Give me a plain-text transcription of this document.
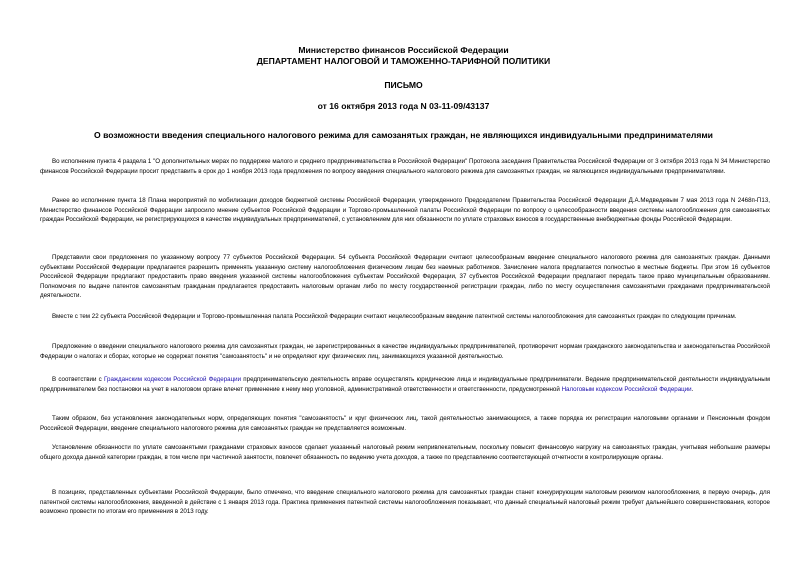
Министерство финансов Российской Федерации
ДЕПАРТАМЕНТ НАЛОГОВОЙ И ТАМОЖЕННО-ТАРИФНОЙ ПОЛИТИКИ
ПИСЬМО
от 16 октября 2013 года N 03-11-09/43137
О возможности введения специального налогового режима для самозанятых граждан, не являющихся индивидуальными предпринимателями

Во исполнение пункта 4 раздела 1 "О дополнительных мерах по поддержке малого и среднего предпринимательства в Российской Федерации" Протокола заседания Правительства Российской Федерации от 3 октября 2013 года N 34 Министерство финансов Российской Федерации просит представить в срок до 1 ноября 2013 года предложения по вопросу введения специального налогового режима для самозанятых граждан, не являющихся индивидуальными предпринимателями.

Ранее во исполнение пункта 18 Плана мероприятий по мобилизации доходов бюджетной системы Российской Федерации, утвержденного Председателем Правительства Российской Федерации Д.А.Медведевым 7 мая 2013 года N 2468п-П13, Министерство финансов Российской Федерации запросило мнение субъектов Российской Федерации и Торгово-промышленной палаты Российской Федерации по вопросу о целесообразности введения системы налогообложения для самозанятых граждан Российской Федерации, не регистрирующихся в качестве индивидуальных предпринимателей, с установлением для них обязанности по уплате страховых взносов в государственные внебюджетные фонды Российской Федерации.

Представили свои предложения по указанному вопросу 77 субъектов Российской Федерации. 54 субъекта Российской Федерации считают целесообразным введение специального налогового режима для самозанятых граждан. Данными субъектами Российской Федерации предлагается разрешить применять указанную систему налогообложения физическим лицам без наемных работников. Зачисление налога предлагается полностью в местные бюджеты. При этом 16 субъектов Российской Федерации предлагают предоставить право введения указанной системы налогообложения субъектам Российской Федерации, 37 субъектов Российской Федерации предлагают передать такое право муниципальным образованиям. Полномочия по выдаче патентов самозанятым гражданам предлагается предоставить налоговым органам либо по месту государственной регистрации граждан, либо по месту осуществления самозанятыми гражданами предпринимательской деятельности.

Вместе с тем 22 субъекта Российской Федерации и Торгово-промышленная палата Российской Федерации считают нецелесообразным введение патентной системы налогообложения для самозанятых граждан по следующим причинам.

Предложение о введении специального налогового режима для самозанятых граждан, не зарегистрированных в качестве индивидуальных предпринимателей, противоречит нормам гражданского законодательства и законодательства Российской Федерации о налогах и сборах, которые не содержат понятия "самозанятость" и не определяют круг физических лиц, занимающихся указанной деятельностью.

В соответствии с Гражданским кодексом Российской Федерации предпринимательскую деятельность вправе осуществлять юридические лица и индивидуальные предприниматели. Ведение предпринимательской деятельности индивидуальным предпринимателем без постановки на учет в налоговом органе влечет применение к нему мер уголовной, административной ответственности и ответственности, предусмотренной Налоговым кодексом Российской Федерации.

Таким образом, без установления законодательных норм, определяющих понятия "самозанятость" и круг физических лиц, такой деятельностью занимающихся, а также порядка их регистрации налоговыми органами и Пенсионным фондом Российской Федерации, введение специального налогового режима для самозанятых граждан не представляется возможным.

Установление обязанности по уплате самозанятыми гражданами страховых взносов сделает указанный налоговый режим непривлекательным, поскольку повысит финансовую нагрузку на самозанятых граждан, учитывая небольшие размеры общего дохода данной категории граждан, в том числе при частичной занятости, повлечет обязанность по ведению учета доходов, а также по представлению соответствующей отчетности в контролирующие органы.

В позициях, представленных субъектами Российской Федерации, было отмечено, что введение специального налогового режима для самозанятых граждан станет конкурирующим налоговым режимом налогообложения, в первую очередь, для патентной системы налогообложения, введенной в действие с 1 января 2013 года. Практика применения патентной системы налогообложения показывает, что данный специальный налоговый режим требует дальнейшего совершенствования, которое возможно провести по итогам его применения в 2013 году.
